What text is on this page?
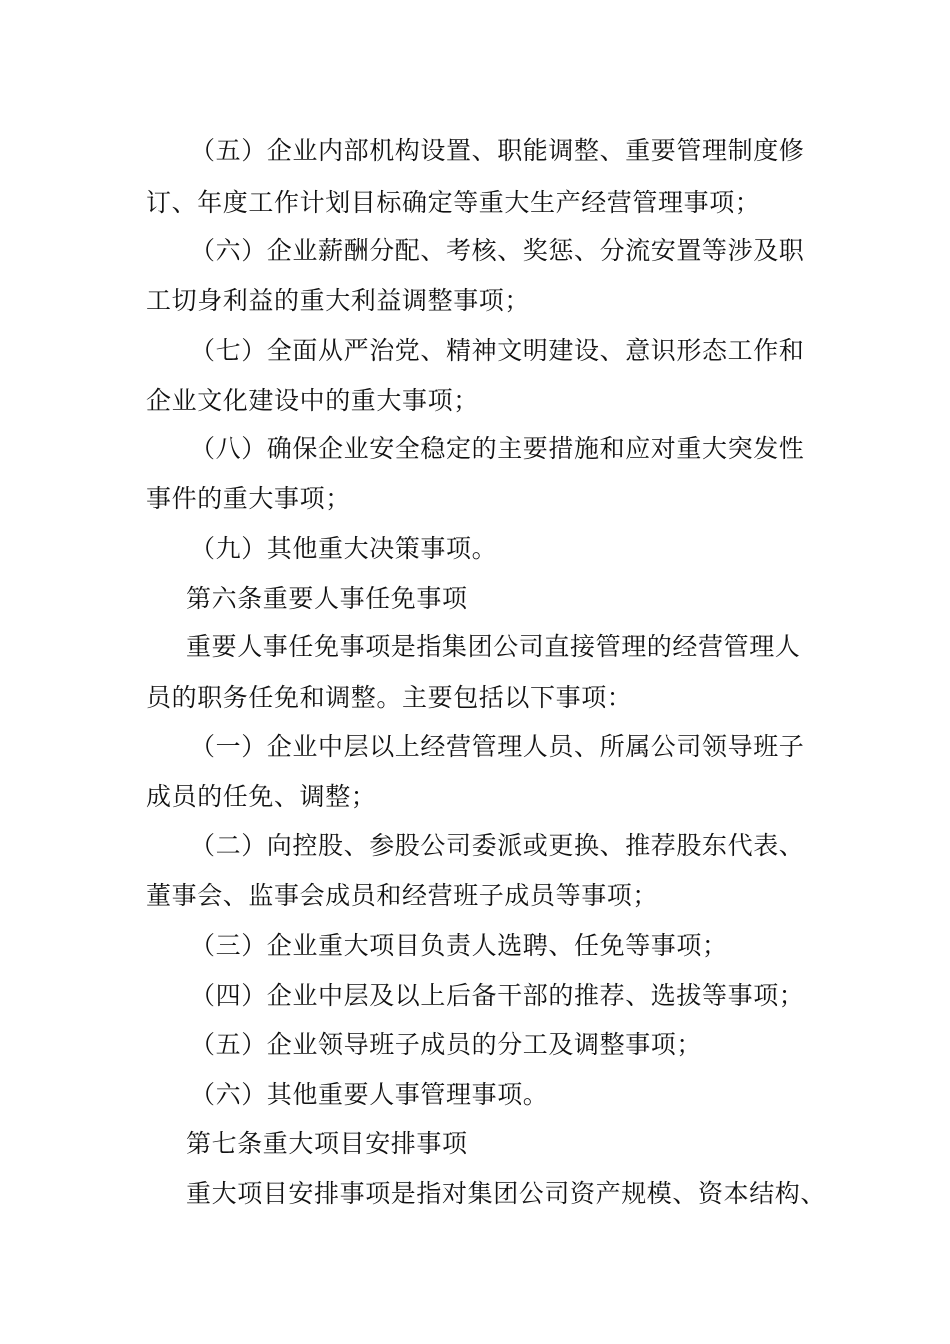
（五）企业内部机构设置、职能调整、重要管理制度修
订、年度工作计划目标确定等重大生产经营管理事项；
（六）企业薪酬分配、考核、奖惩、分流安置等涉及职
工切身利益的重大利益调整事项；
（七）全面从严治党、精神文明建设、意识形态工作和
企业文化建设中的重大事项；
（八）确保企业安全稳定的主要措施和应对重大突发性
事件的重大事项；
（九）其他重大决策事项。
第六条重要人事任免事项
重要人事任免事项是指集团公司直接管理的经营管理人
员的职务任免和调整。主要包括以下事项：
（一）企业中层以上经营管理人员、所属公司领导班子
成员的任免、调整；
（二）向控股、参股公司委派或更换、推荐股东代表、
董事会、监事会成员和经营班子成员等事项；
（三）企业重大项目负责人选聘、任免等事项；
（四）企业中层及以上后备干部的推荐、选拔等事项；
（五）企业领导班子成员的分工及调整事项；
（六）其他重要人事管理事项。
第七条重大项目安排事项
重大项目安排事项是指对集团公司资产规模、资本结构、
